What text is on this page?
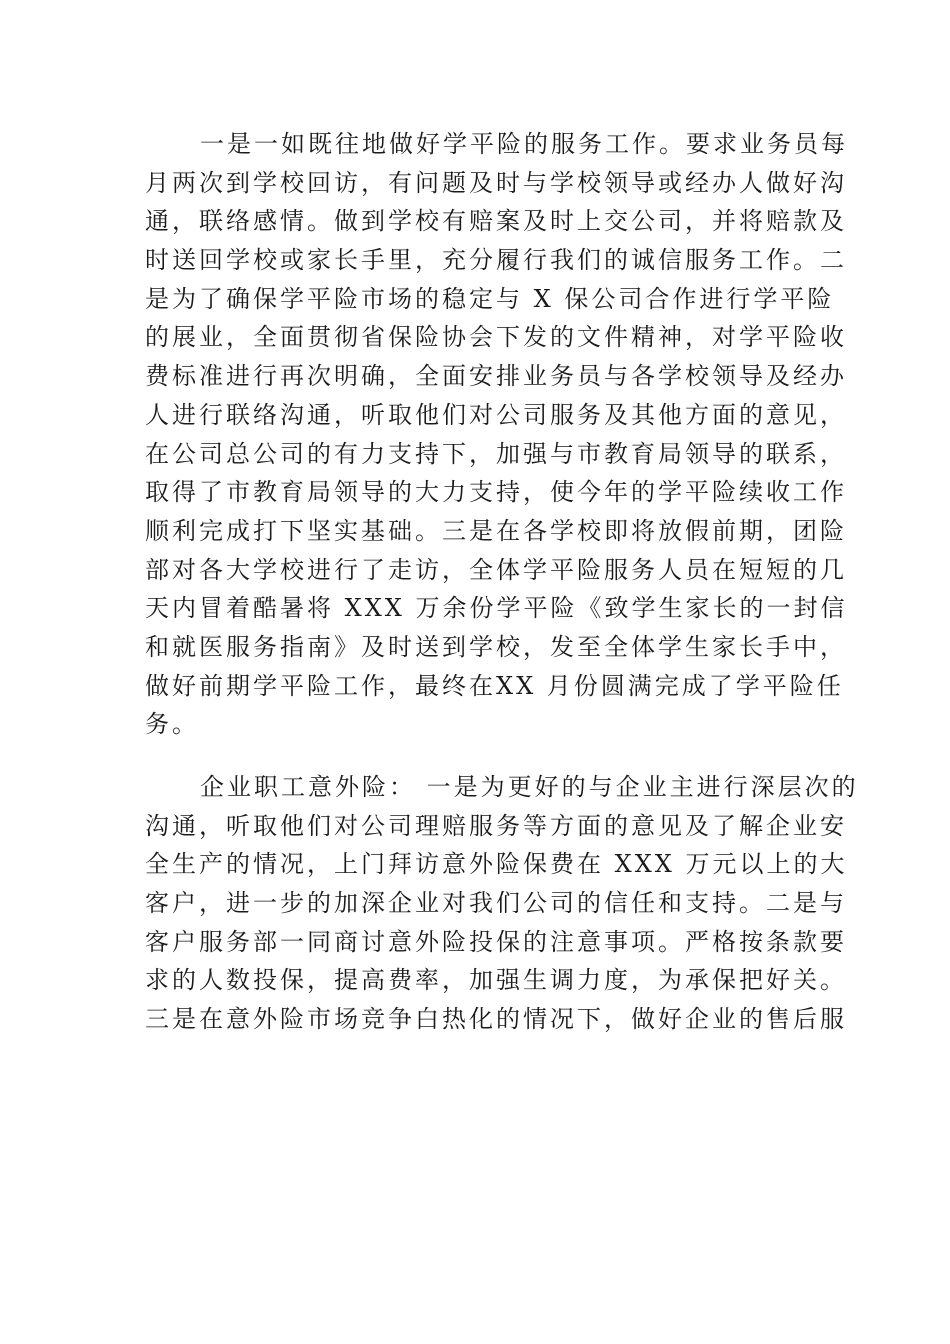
一是一如既往地做好学平险的服务工作。要求业务员每
月两次到学校回访，有问题及时与学校领导或经办人做好沟
通，联络感情。做到学校有赔案及时上交公司，并将赔款及
时送回学校或家长手里，充分履行我们的诚信服务工作。二
是为了确保学平险市场的稳定与 X 保公司合作进行学平险
的展业，全面贯彻省保险协会下发的文件精神，对学平险收
费标准进行再次明确，全面安排业务员与各学校领导及经办
人进行联络沟通，听取他们对公司服务及其他方面的意见，
在公司总公司的有力支持下，加强与市教育局领导的联系，
取得了市教育局领导的大力支持，使今年的学平险续收工作
顺利完成打下坚实基础。三是在各学校即将放假前期，团险
部对各大学校进行了走访，全体学平险服务人员在短短的几
天内冒着酷暑将 XXX 万余份学平险《致学生家长的一封信
和就医服务指南》及时送到学校，发至全体学生家长手中，
做好前期学平险工作，最终在XX 月份圆满完成了学平险任
务。
企业职工意外险： 一是为更好的与企业主进行深层次的
沟通，听取他们对公司理赔服务等方面的意见及了解企业安
全生产的情况，上门拜访意外险保费在 XXX 万元以上的大
客户，进一步的加深企业对我们公司的信任和支持。二是与
客户服务部一同商讨意外险投保的注意事项。严格按条款要
求的人数投保，提高费率，加强生调力度，为承保把好关。
三是在意外险市场竞争白热化的情况下，做好企业的售后服
